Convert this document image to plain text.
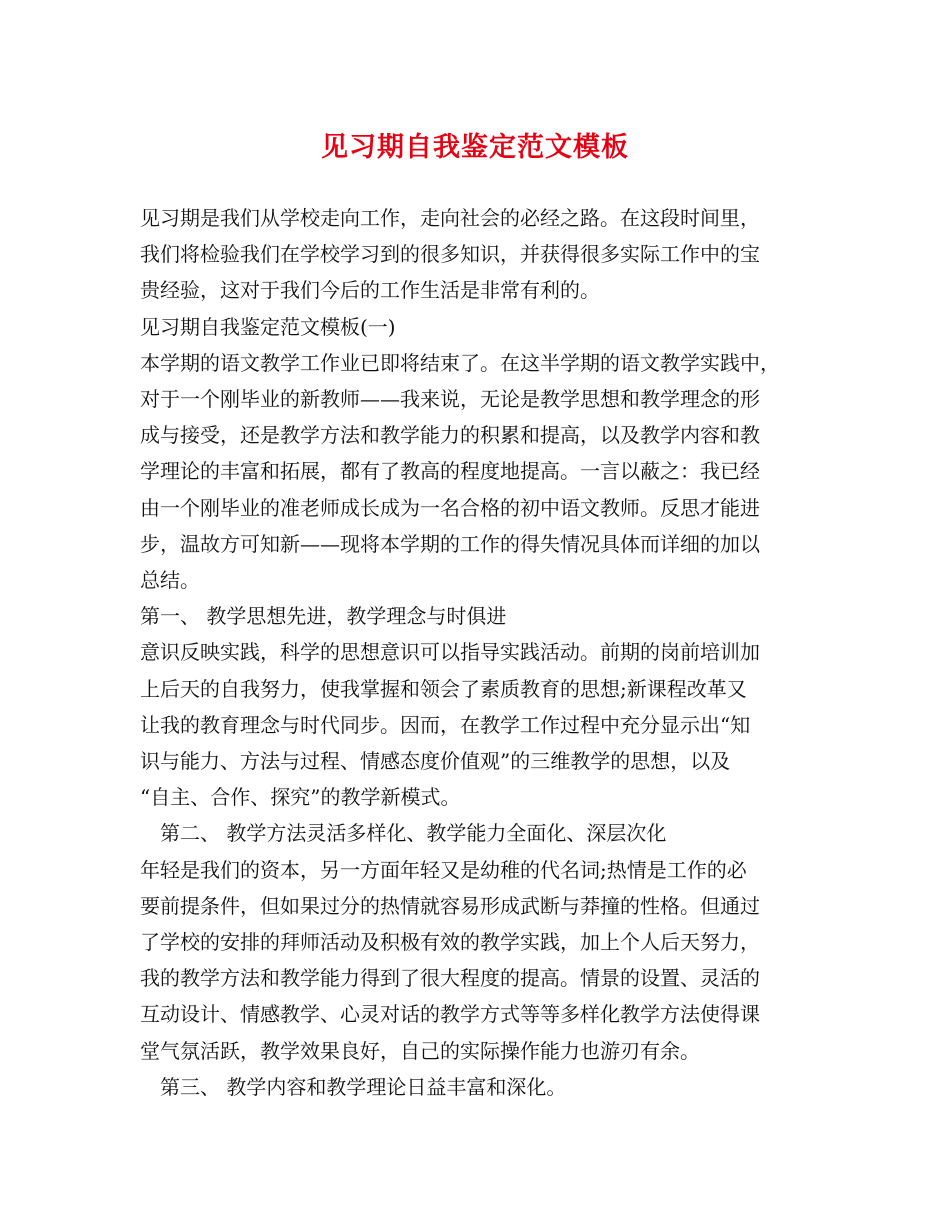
见习期自我鉴定范文模板

见习期是我们从学校走向工作，走向社会的必经之路。在这段时间里，
我们将检验我们在学校学习到的很多知识，并获得很多实际工作中的宝
贵经验，这对于我们今后的工作生活是非常有利的。

见习期自我鉴定范文模板(一)

本学期的语文教学工作业已即将结束了。在这半学期的语文教学实践中，
对于一个刚毕业的新教师——我来说，无论是教学思想和教学理念的形
成与接受，还是教学方法和教学能力的积累和提高，以及教学内容和教
学理论的丰富和拓展，都有了教高的程度地提高。一言以蔽之：我已经
由一个刚毕业的准老师成长成为一名合格的初中语文教师。反思才能进
步，温故方可知新——现将本学期的工作的得失情况具体而详细的加以
总结。

第一、 教学思想先进，教学理念与时俱进

意识反映实践，科学的思想意识可以指导实践活动。前期的岗前培训加
上后天的自我努力，使我掌握和领会了素质教育的思想;新课程改革又
让我的教育理念与时代同步。因而，在教学工作过程中充分显示出“知
识与能力、方法与过程、情感态度价值观”的三维教学的思想，以及
“自主、合作、探究”的教学新模式。

第二、 教学方法灵活多样化、教学能力全面化、深层次化

年轻是我们的资本，另一方面年轻又是幼稚的代名词;热情是工作的必
要前提条件，但如果过分的热情就容易形成武断与莽撞的性格。但通过
了学校的安排的拜师活动及积极有效的教学实践，加上个人后天努力，
我的教学方法和教学能力得到了很大程度的提高。情景的设置、灵活的
互动设计、情感教学、心灵对话的教学方式等等多样化教学方法使得课
堂气氛活跃，教学效果良好，自己的实际操作能力也游刃有余。

第三、 教学内容和教学理论日益丰富和深化。
